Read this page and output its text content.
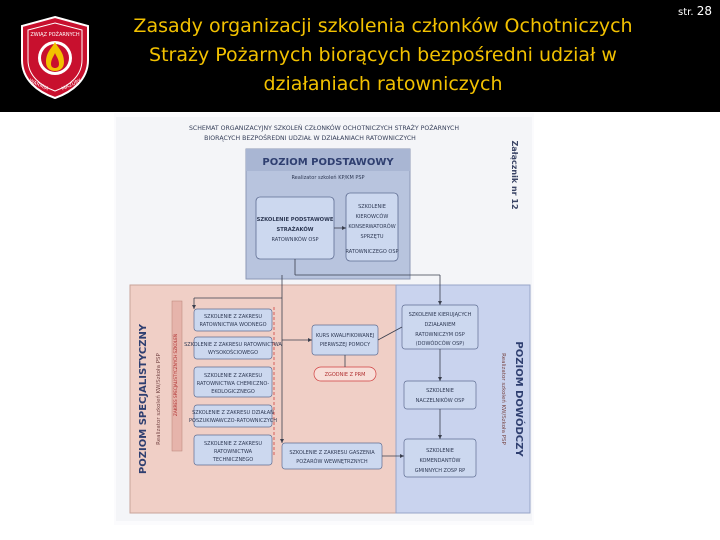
ZWIĄZ POŻARNYCH
WARMIA MAZURY
Zasady organizacji szkolenia członków Ochotniczych
Straży Pożarnych biorących bezpośredni udział w
działaniach ratowniczych
str. 28
SCHEMAT ORGANIZACYJNY SZKOLEŃ CZŁONKÓW OCHOTNICZYCH STRAŻY POŻARNYCH
BIORĄCYCH BEZPOŚREDNI UDZIAŁ W DZIAŁANIACH RATOWNICZYCH
Załącznik nr 12
POZIOM PODSTAWOWY
Realizator szkoleń KP/KM PSP
SZKOLENIE PODSTAWOWE
STRAŻAKÓW
RATOWNIKÓW OSP
SZKOLENIE
KIEROWCÓW
KONSERWATORÓW
SPRZĘTU
RATOWNICZEGO OSP
POZIOM SPECJALISTYCZNY Realizator szkoleń KW/Szkoła PSP	ZAKRES SPECJALISTYCZNYCH SZKOLEŃ	POZIOM DOWÓDCZY
Realizator szkoleń KW/Szkoła PSP
SZKOLENIE Z ZAKRESU
RATOWNICTWA WODNEGO
SZKOLENIE Z ZAKRESU RATOWNICTWA
WYSOKOŚCIOWEGO
SZKOLENIE Z ZAKRESU
RATOWNICTWA CHEMICZNO-
EKOLOGICZNEGO
SZKOLENIE Z ZAKRESU DZIAŁAŃ
POSZUKIWAWCZO-RATOWNICZYCH
SZKOLENIE Z ZAKRESU
RATOWNICTWA
TECHNICZNEGO
KURS KWALIFIKOWANEJ
PIERWSZEJ POMOCY
ZGODNIE Z PRM
SZKOLENIE Z ZAKRESU GASZENIA
POŻARÓW WEWNĘTRZNYCH
SZKOLENIE KIERUJĄCYCH
DZIAŁANIEM
RATOWNICZYM OSP
(DOWÓDCÓW OSP)
SZKOLENIE
NACZELNIKÓW OSP
SZKOLENIE
KOMENDANTÓW
GMINNYCH ZOSP RP
